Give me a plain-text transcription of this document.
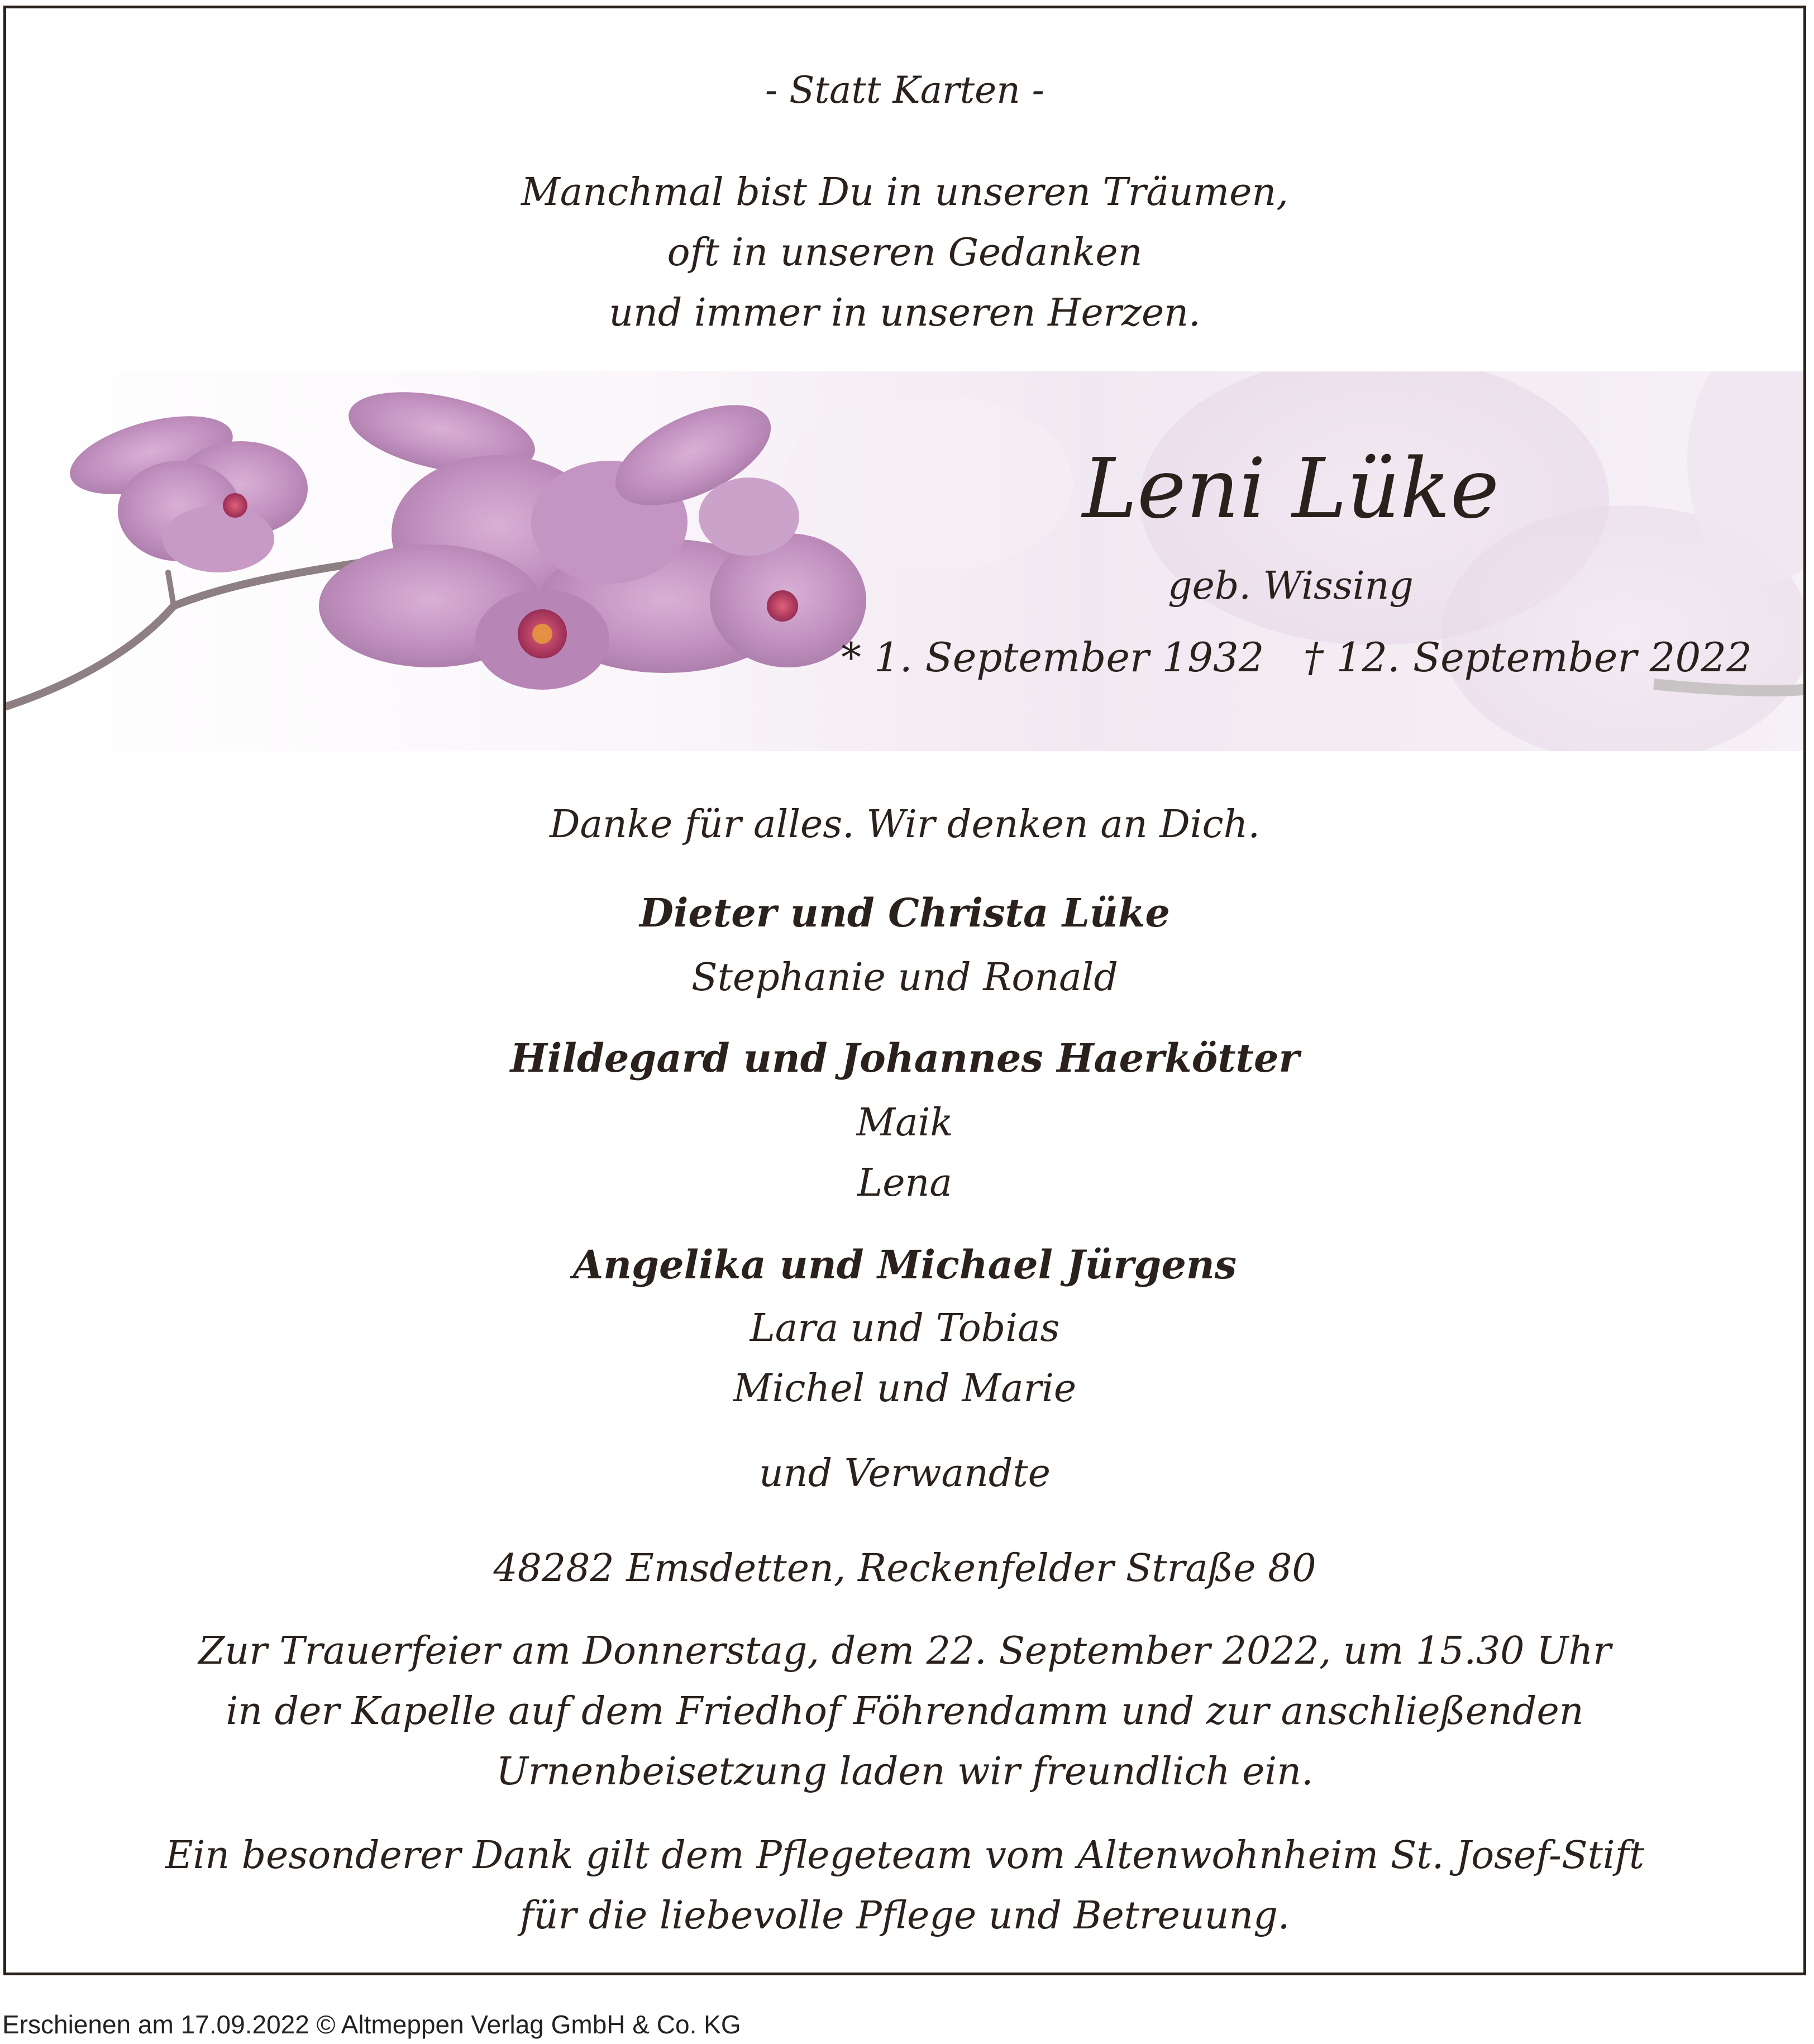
- Statt Karten -
Manchmal bist Du in unseren Träumen,
oft in unseren Gedanken
und immer in unseren Herzen.
Leni Lüke
geb. Wissing
* 1. September 1932 † 12. September 2022
Danke für alles. Wir denken an Dich.
Dieter und Christa Lüke
Stephanie und Ronald
Hildegard und Johannes Haerkötter
Maik
Lena
Angelika und Michael Jürgens
Lara und Tobias
Michel und Marie
und Verwandte
48282 Emsdetten, Reckenfelder Straße 80
Zur Trauerfeier am Donnerstag, dem 22. September 2022, um 15.30 Uhr
in der Kapelle auf dem Friedhof Föhrendamm und zur anschließenden
Urnenbeisetzung laden wir freundlich ein.
Ein besonderer Dank gilt dem Pflegeteam vom Altenwohnheim St. Josef-Stift
für die liebevolle Pflege und Betreuung.
Erschienen am 17.09.2022 © Altmeppen Verlag GmbH & Co. KG
